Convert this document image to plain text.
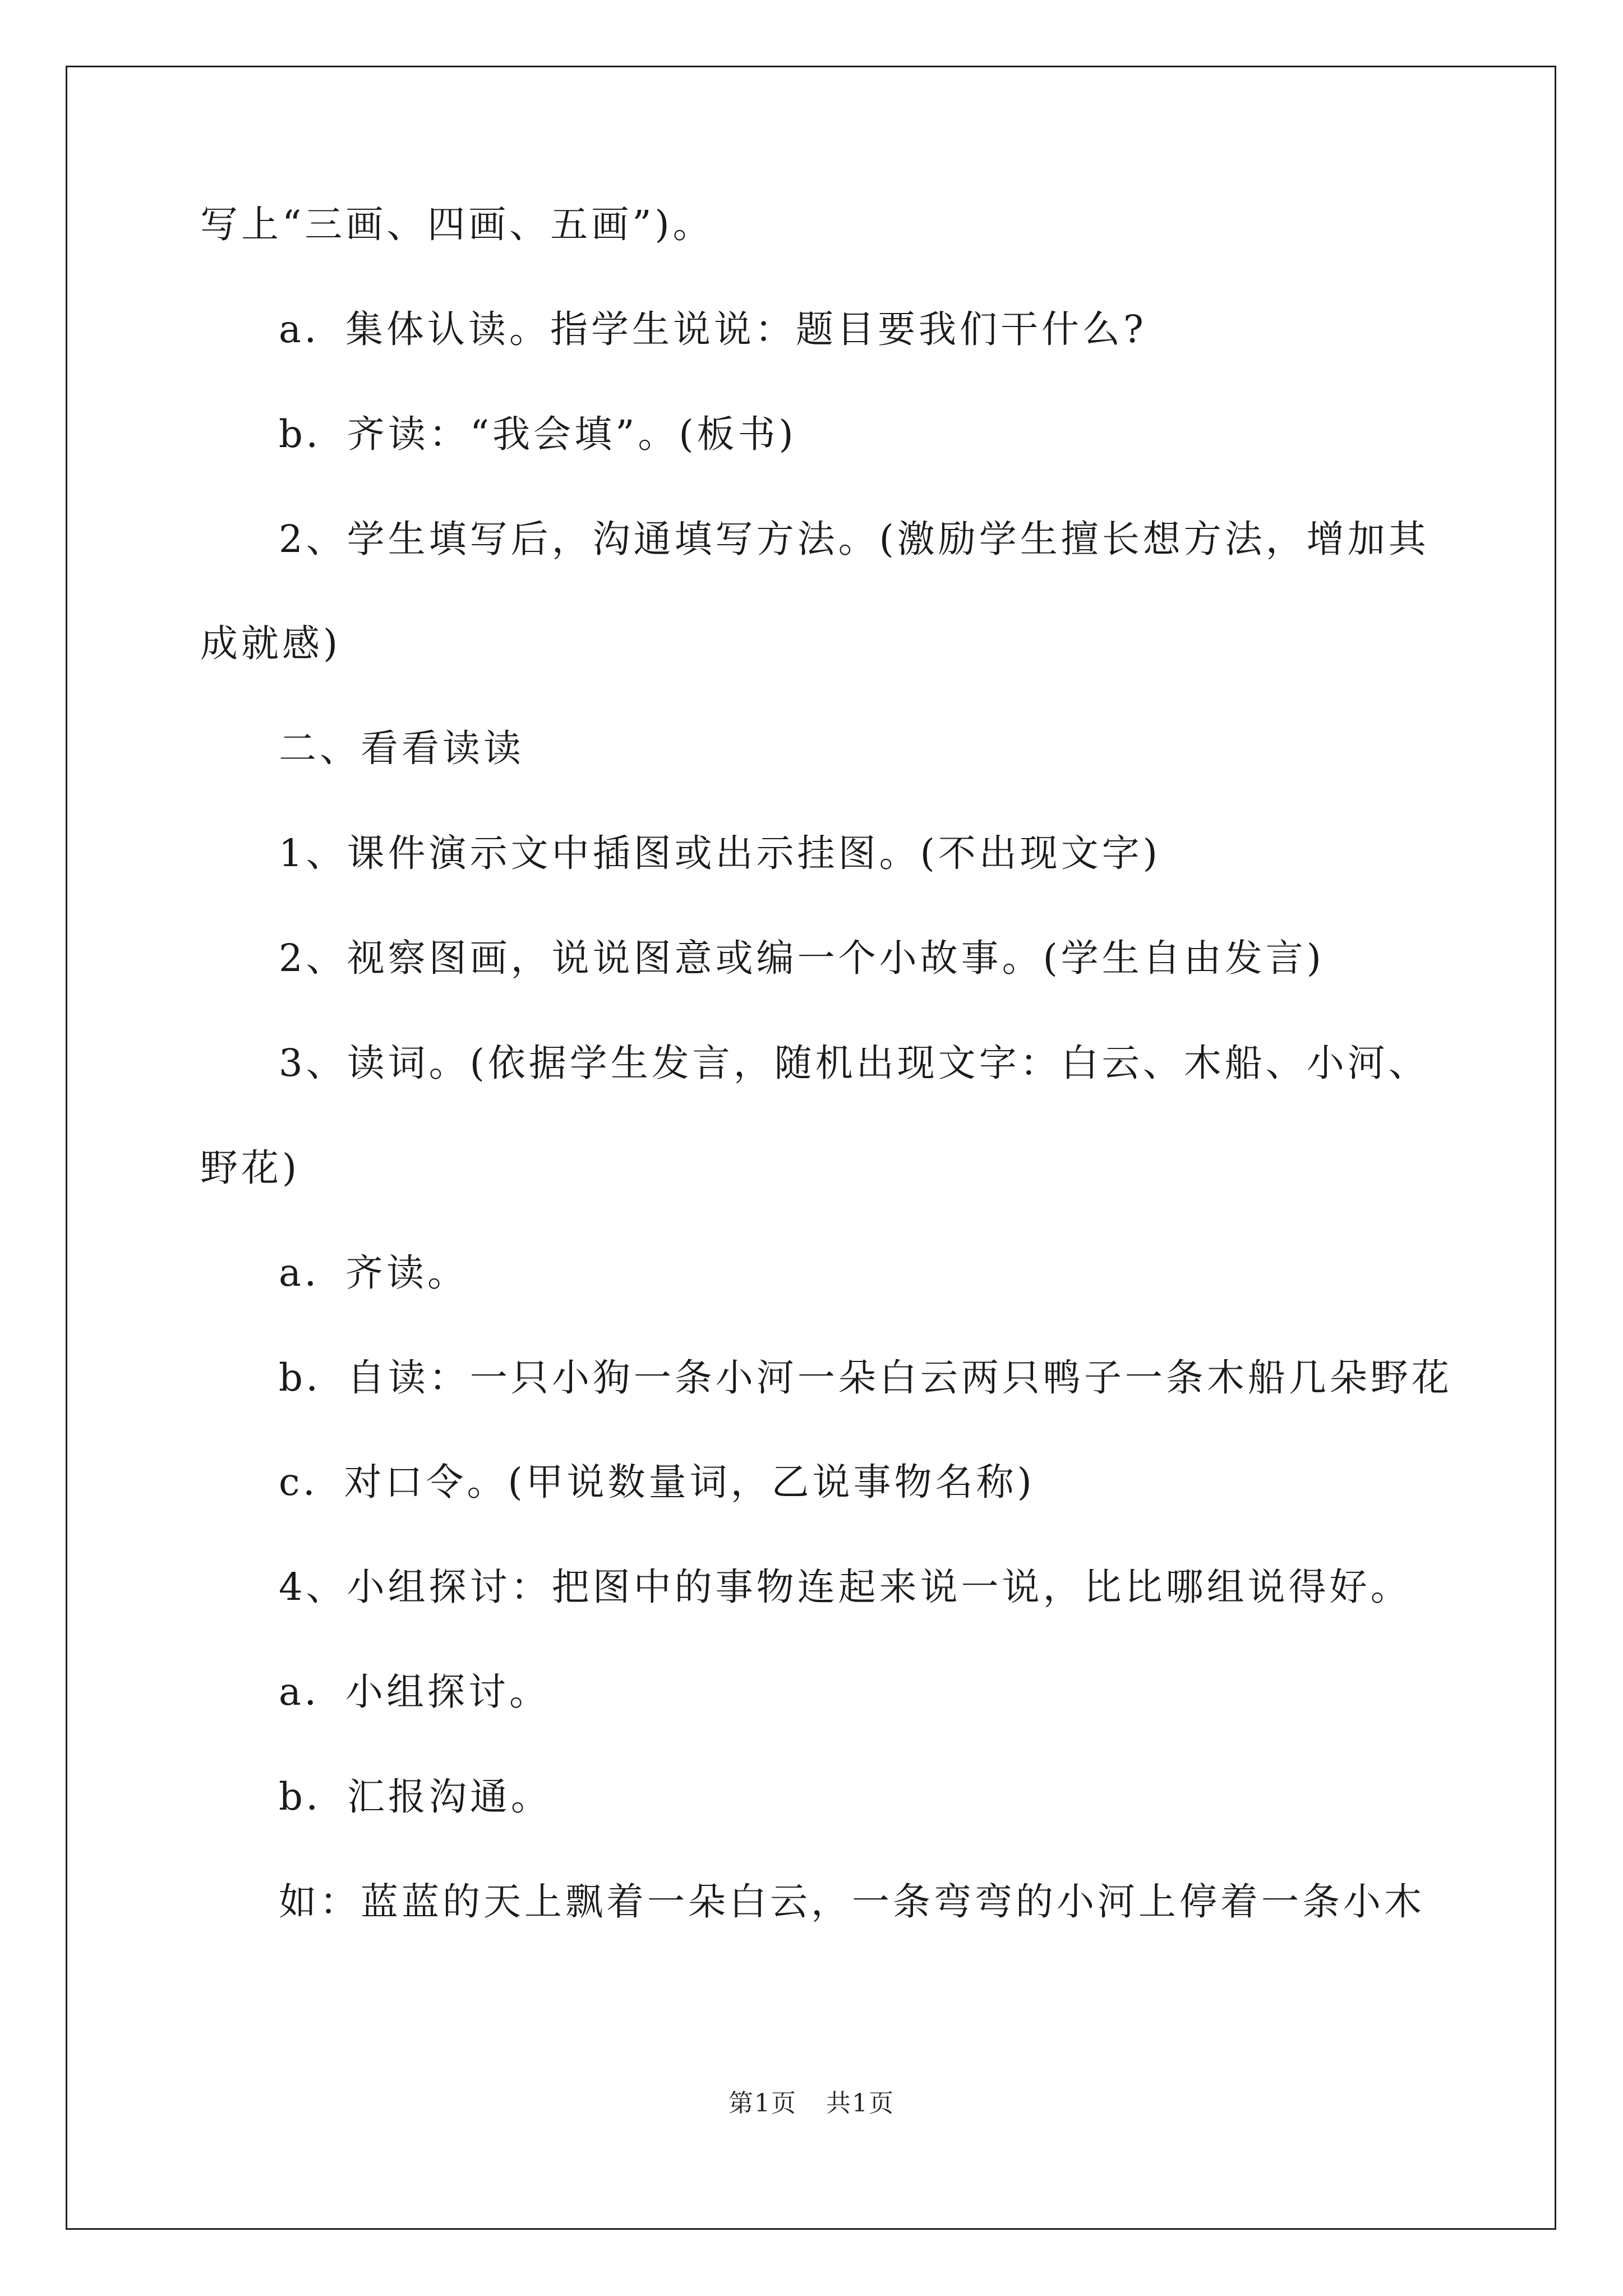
写上“三画、四画、五画”)。
a．集体认读。指学生说说：题目要我们干什么?
b．齐读：“我会填”。(板书)
2、学生填写后，沟通填写方法。(激励学生擅长想方法，增加其
成就感)
二、看看读读
1、课件演示文中插图或出示挂图。(不出现文字)
2、视察图画，说说图意或编一个小故事。(学生自由发言)
3、读词。(依据学生发言，随机出现文字：白云、木船、小河、
野花)
a．齐读。
b．自读：一只小狗一条小河一朵白云两只鸭子一条木船几朵野花
c．对口令。(甲说数量词，乙说事物名称)
4、小组探讨：把图中的事物连起来说一说，比比哪组说得好。
a．小组探讨。
b．汇报沟通。
如：蓝蓝的天上飘着一朵白云，一条弯弯的小河上停着一条小木
第1页 共1页
